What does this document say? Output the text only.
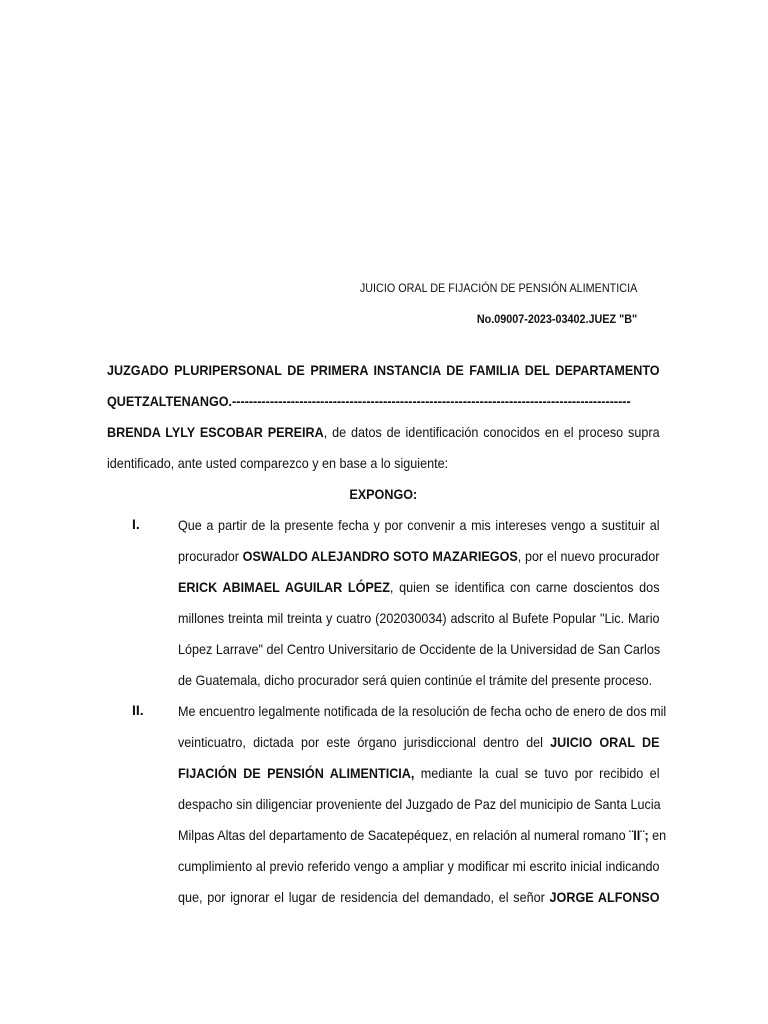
JUICIO ORAL DE FIJACIÓN DE PENSIÓN ALIMENTICIA
No.09007-2023-03402.JUEZ "B"
JUZGADO PLURIPERSONAL DE PRIMERA INSTANCIA DE FAMILIA DEL DEPARTAMENTO
QUETZALTENANGO.-----------------------------------------------------------------------------------------------
BRENDA LYLY ESCOBAR PEREIRA, de datos de identificación conocidos en el proceso supra
identificado, ante usted comparezco y en base a lo siguiente:
EXPONGO:
I.	Que a partir de la presente fecha y por convenir a mis intereses vengo a sustituir al
procurador OSWALDO ALEJANDRO SOTO MAZARIEGOS, por el nuevo procurador
ERICK ABIMAEL AGUILAR LÓPEZ, quien se identifica con carne doscientos dos
millones treinta mil treinta y cuatro (202030034) adscrito al Bufete Popular "Lic. Mario
López Larrave" del Centro Universitario de Occidente de la Universidad de San Carlos
de Guatemala, dicho procurador será quien continúe el trámite del presente proceso.
II. Me encuentro legalmente notificada de la resolución de fecha ocho de enero de dos mil
veinticuatro, dictada por este órgano jurisdiccional dentro del JUICIO ORAL DE
FIJACIÓN DE PENSIÓN ALIMENTICIA, mediante la cual se tuvo por recibido el
despacho sin diligenciar proveniente del Juzgado de Paz del municipio de Santa Lucia
Milpas Altas del departamento de Sacatepéquez, en relación al numeral romano ¨II¨; en
cumplimiento al previo referido vengo a ampliar y modificar mi escrito inicial indicando
que, por ignorar el lugar de residencia del demandado, el señor JORGE ALFONSO
